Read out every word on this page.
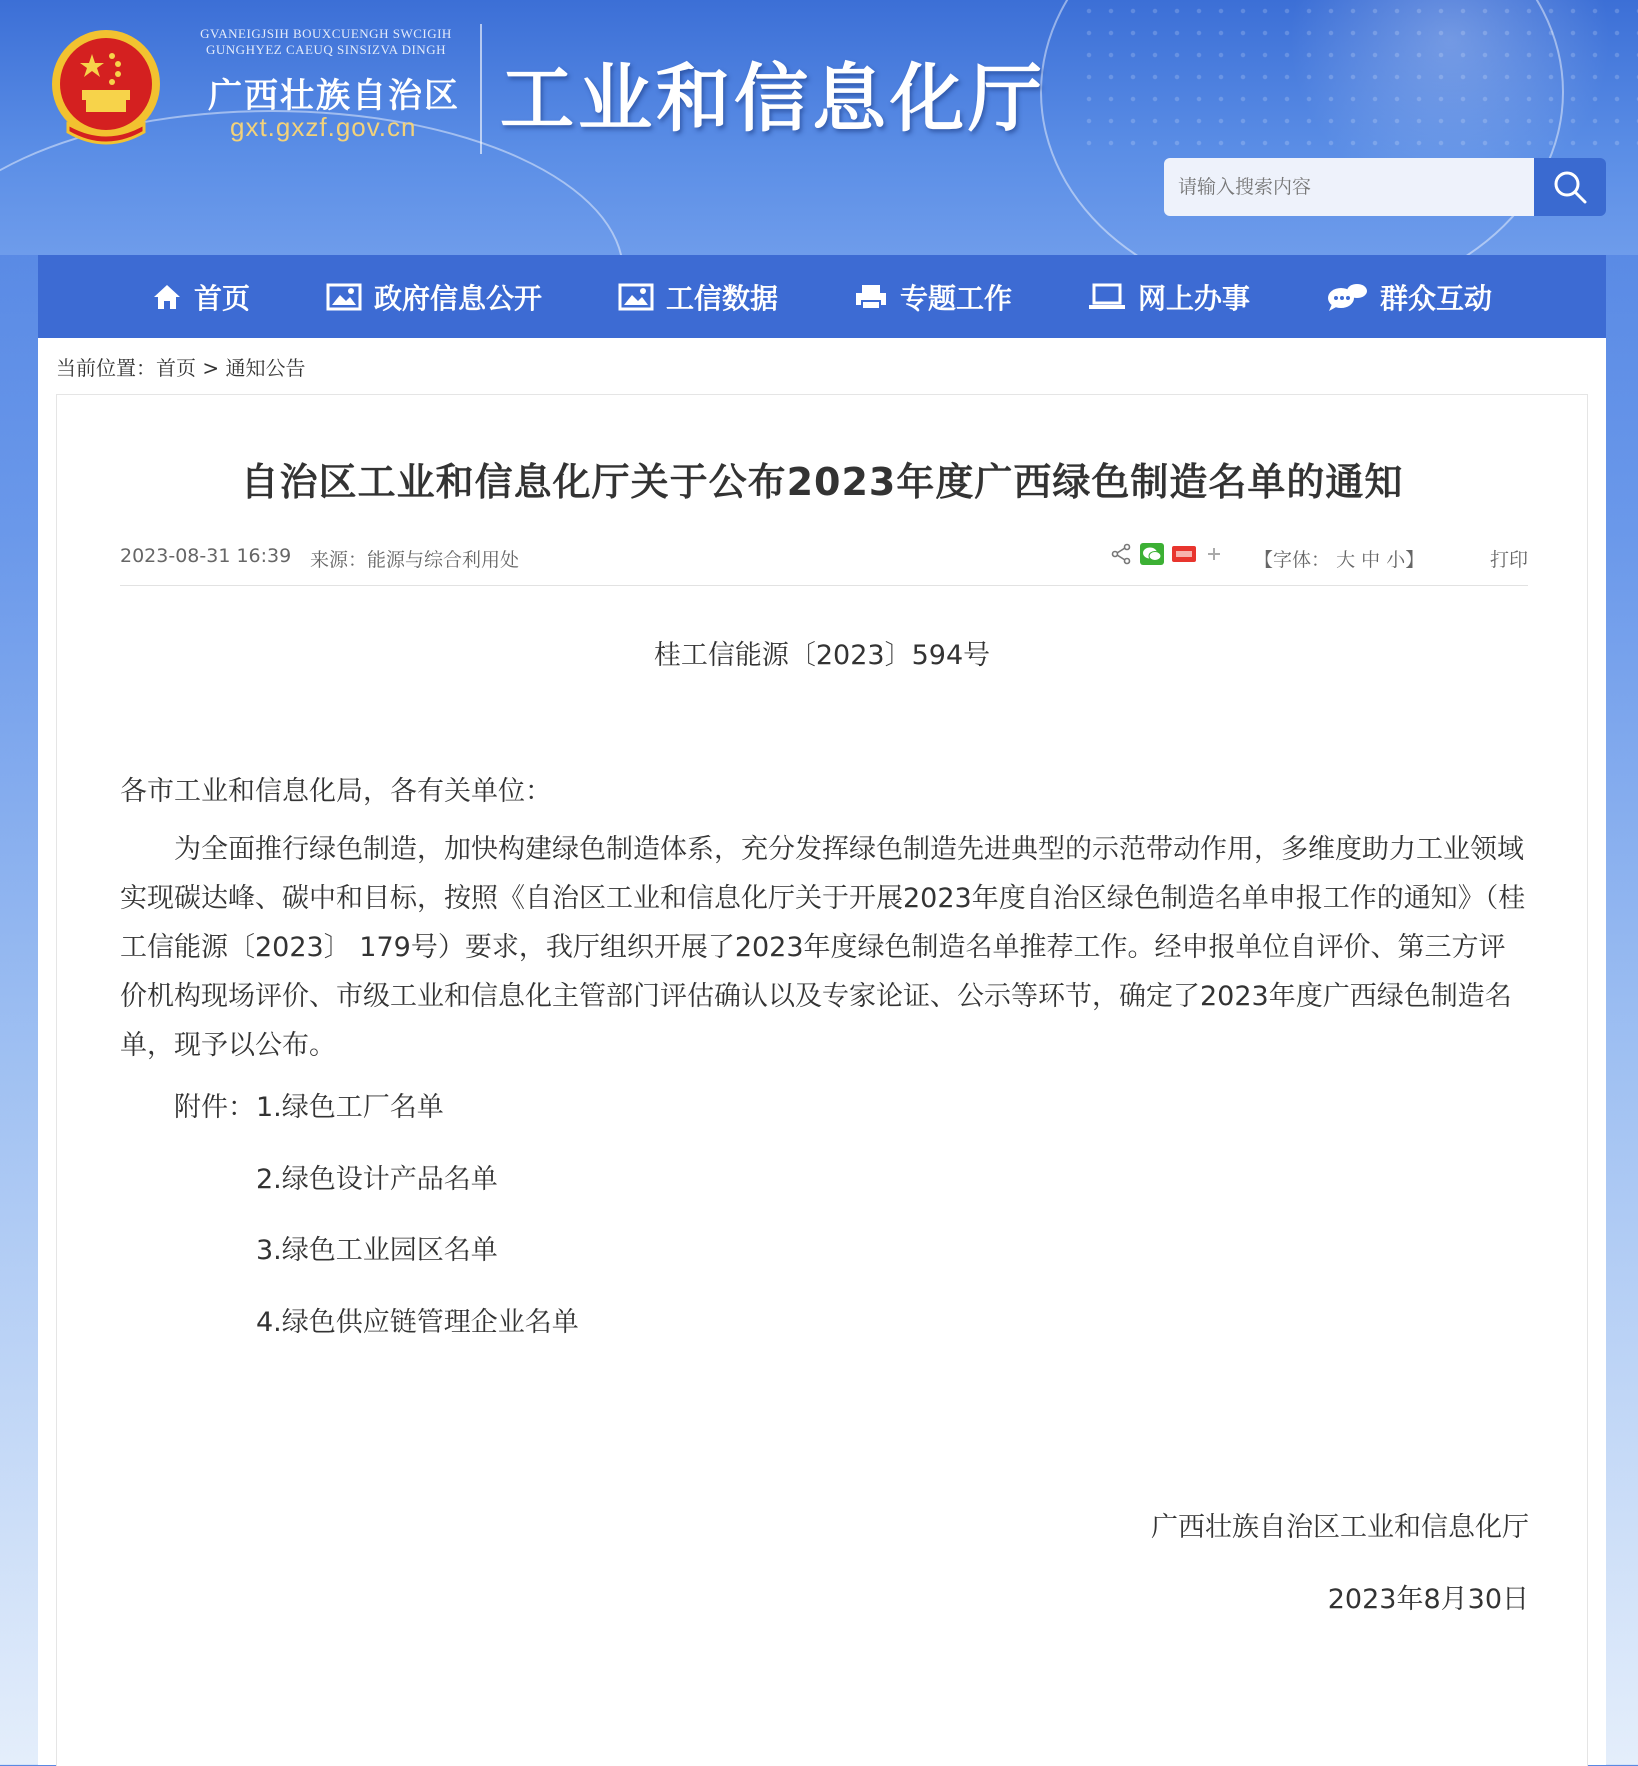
GVANEIGJSIH BOUXCUENGH SWCIGIH
GUNGHYEZ CAEUQ SINSIZVA DINGH
广西壮族自治区
gxt.gxzf.gov.cn 工业和信息化厅
请输入搜索内容
首页	政府信息公开	工信数据	专题工作	网上办事	群众互动
当前位置：首页 > 通知公告
自治区工业和信息化厅关于公布2023年度广西绿色制造名单的通知
2023-08-31 16:39 来源：能源与综合利用处	【字体： 大 中 小】	打印
桂工信能源〔2023〕594号
各市工业和信息化局，各有关单位：
为全面推行绿色制造，加快构建绿色制造体系，充分发挥绿色制造先进典型的示范带动作用，多维度助力工业领域实现碳达峰、碳中和目标，按照《自治区工业和信息化厅关于开展2023年度自治区绿色制造名单申报工作的通知》（桂工信能源〔2023〕 179号）要求，我厅组织开展了2023年度绿色制造名单推荐工作。经申报单位自评价、第三方评价机构现场评价、市级工业和信息化主管部门评估确认以及专家论证、公示等环节，确定了2023年度广西绿色制造名单，现予以公布。
附件： 1.绿色工厂名单
2.绿色设计产品名单
3.绿色工业园区名单
4.绿色供应链管理企业名单
广西壮族自治区工业和信息化厅
2023年8月30日
